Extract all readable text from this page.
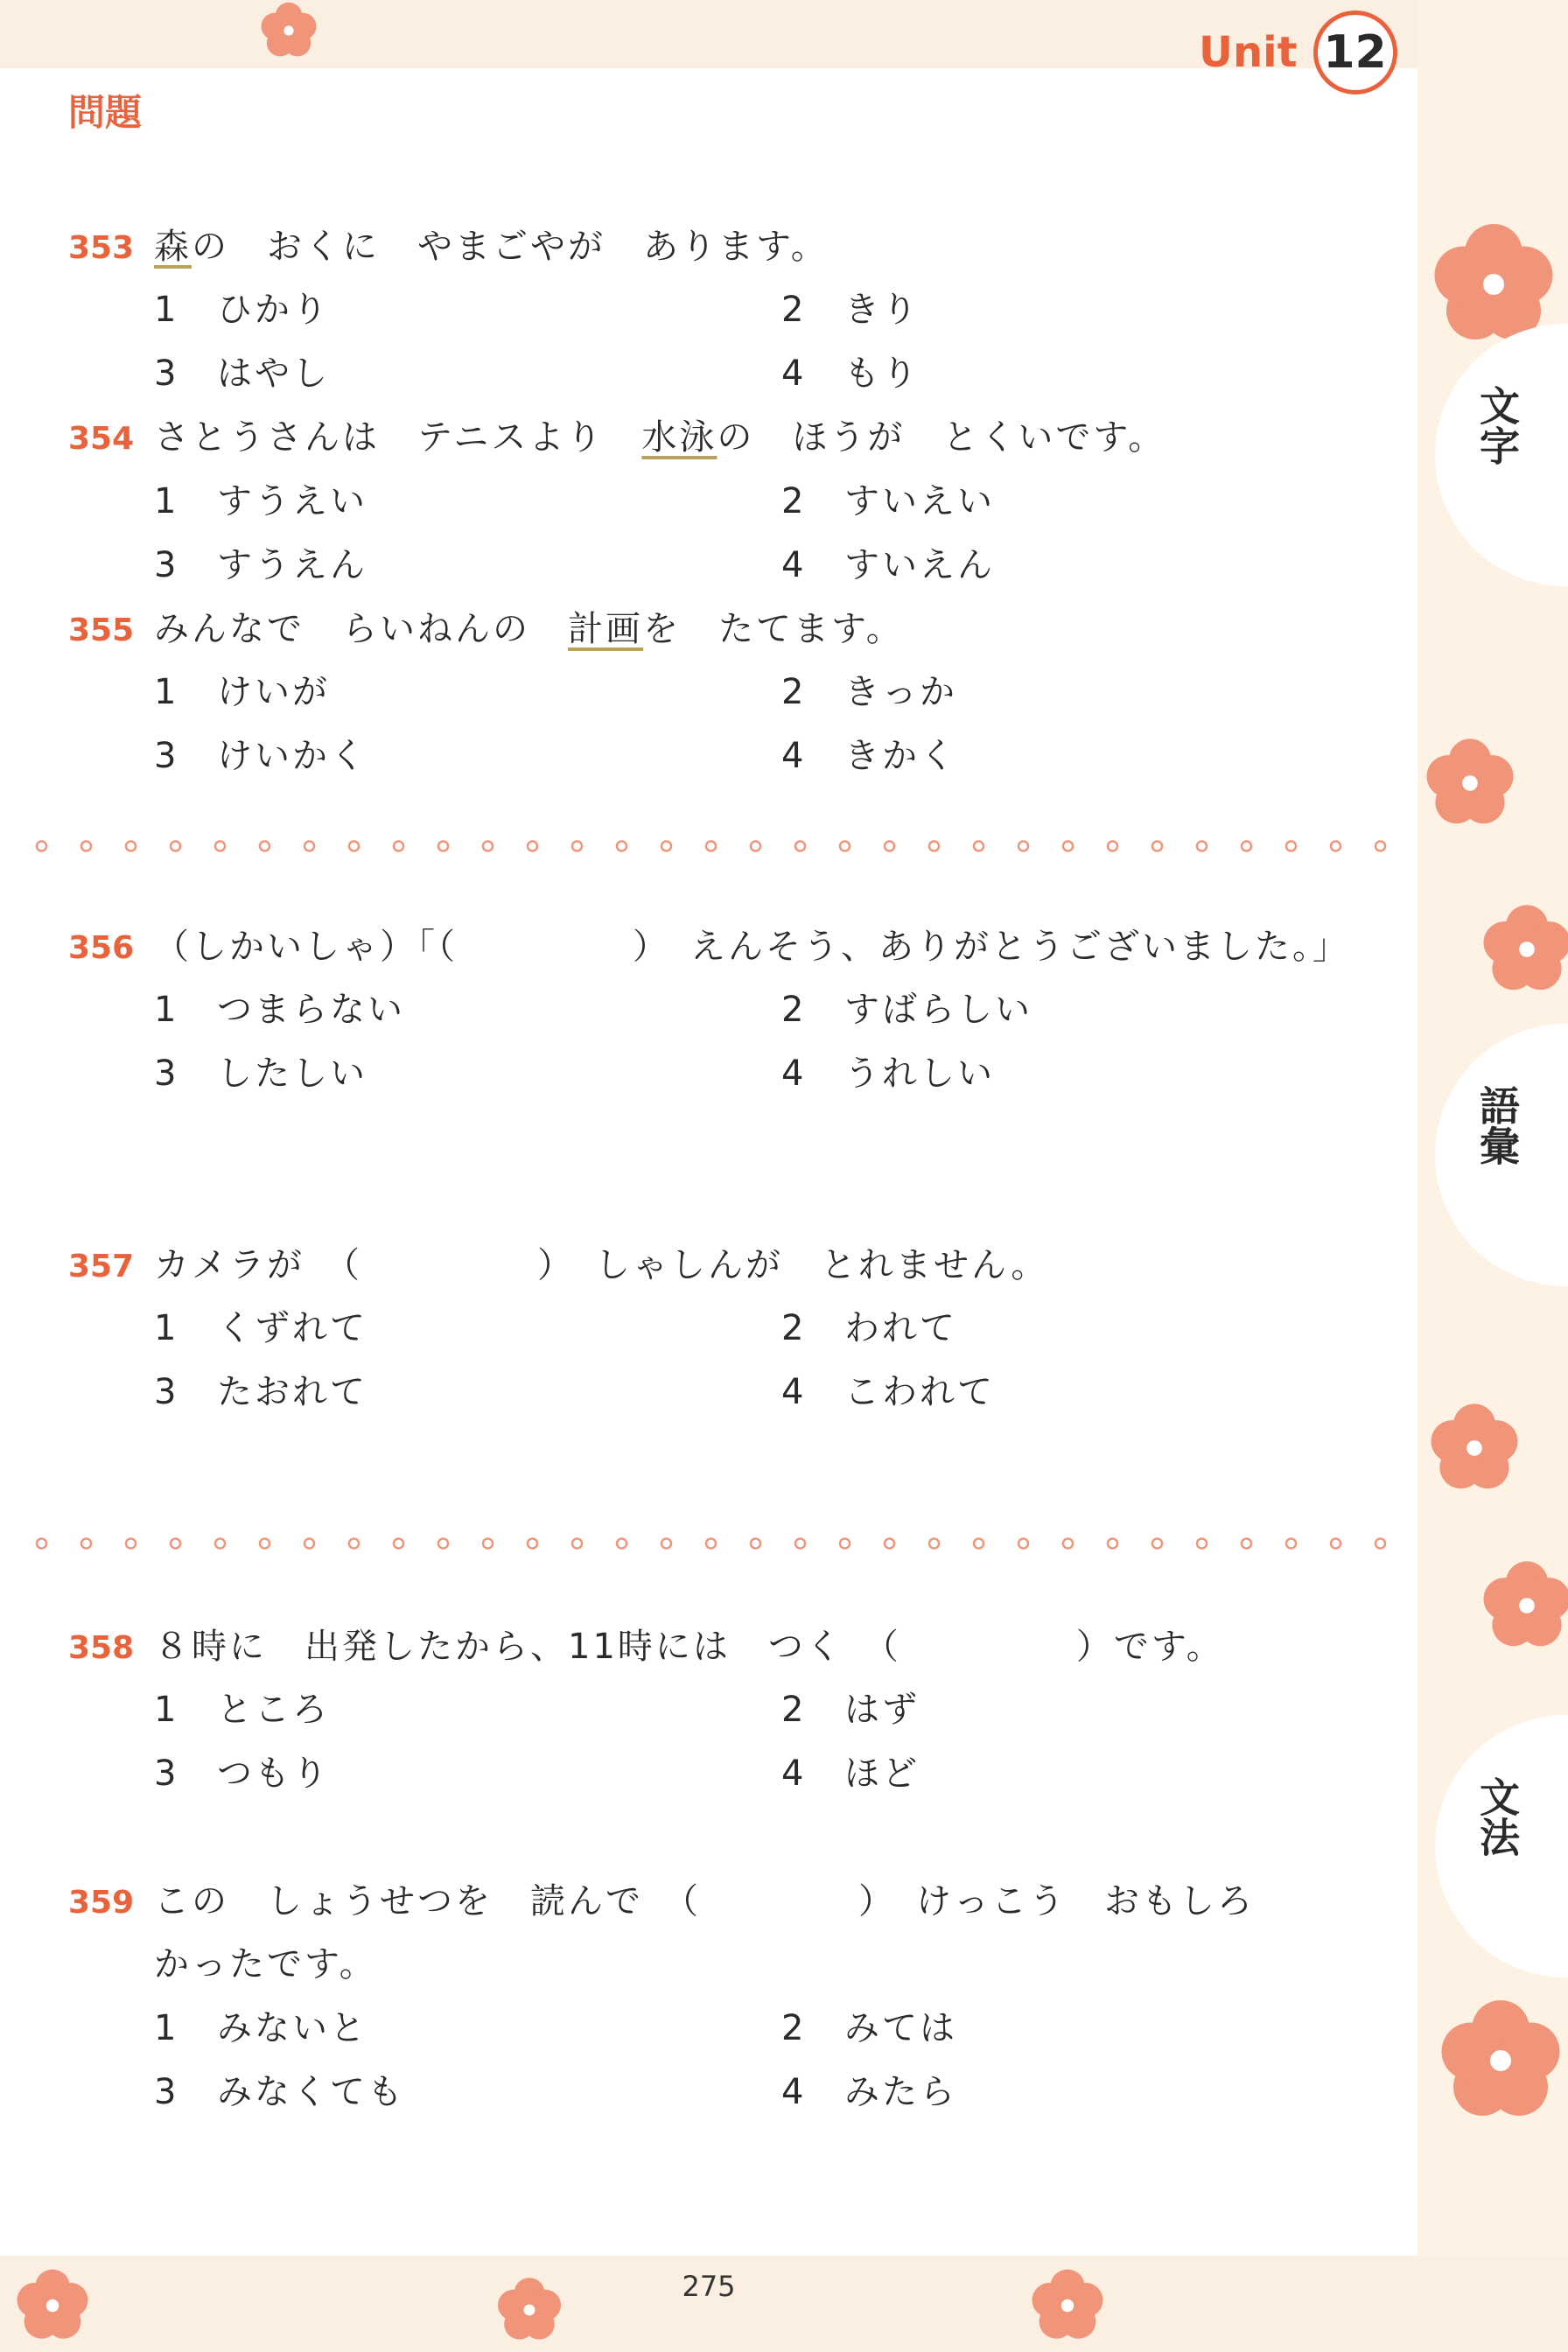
文字
語彙
文法
Unit 12
問題
353 森の　おくに　やまごやが　あります。
1 ひかり	2 きり
3 はやし	4 もり
354 さとうさんは　テニスより　水泳の　ほうが　とくいです。
1 すうえい	2 すいえい
3 すうえん	4 すいえん
355 みんなで　らいねんの　計画を　たてます。
1 けいが	2 きっか
3 けいかく	4 きかく
356 （しかいしゃ）「（	）　えんそう、ありがとうございました。」
1 つまらない	2 すばらしい
3 したしい	4 うれしい
357 カメラが　（	）　しゃしんが　とれません。
1 くずれて	2 われて
3 たおれて	4 こわれて
358 ８時に　出発したから、11時には　つく　（	）です。
1 ところ	2 はず
3 つもり	4 ほど
359 この　しょうせつを　読んで　（	）　けっこう　おもしろ
かったです。
1 みないと	2 みては
3 みなくても	4 みたら
275
